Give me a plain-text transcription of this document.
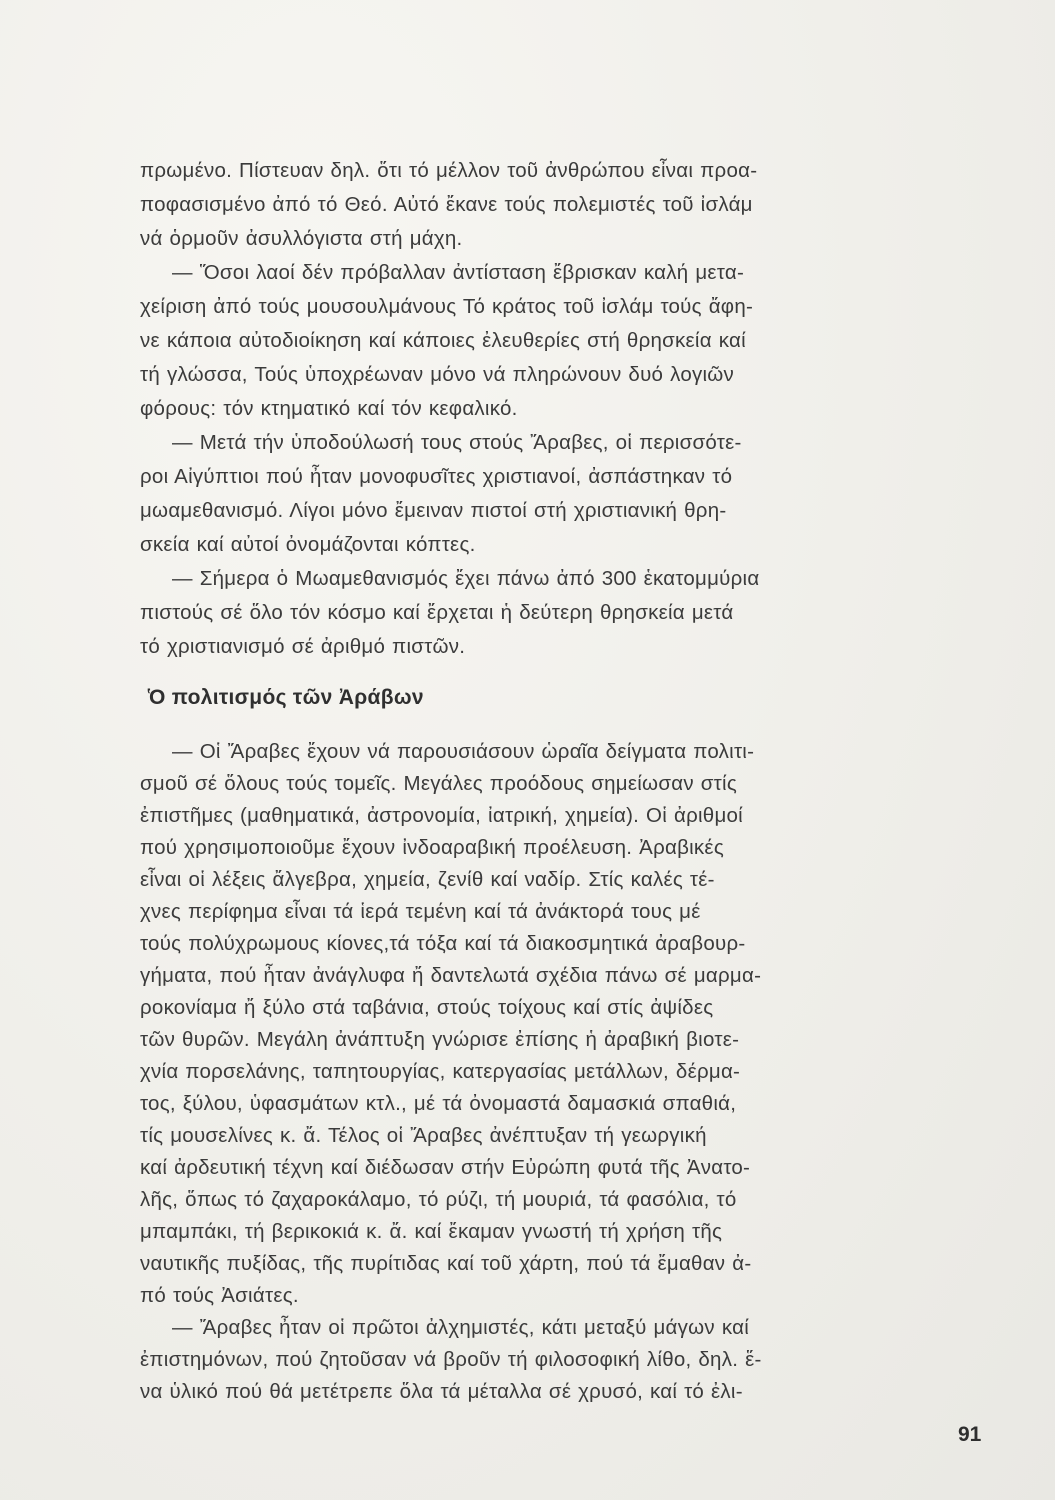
πρωμένο. Πίστευαν δηλ. ὅτι τό μέλλον τοῦ ἀνθρώπου εἶναι προα-
ποφασισμένο ἀπό τό Θεό. Αὐτό ἔκανε τούς πολεμιστές τοῦ ἰσλάμ
νά ὁρμοῦν ἀσυλλόγιστα στή μάχη.
— Ὅσοι λαοί δέν πρόβαλλαν ἀντίσταση ἔβρισκαν καλή μετα-
χείριση ἀπό τούς μουσουλμάνους Τό κράτος τοῦ ἰσλάμ τούς ἄφη-
νε κάποια αὐτοδιοίκηση καί κάποιες ἐλευθερίες στή θρησκεία καί
τή γλώσσα, Τούς ὑποχρέωναν μόνο νά πληρώνουν δυό λογιῶν
φόρους: τόν κτηματικό καί τόν κεφαλικό.
— Μετά τήν ὑποδούλωσή τους στούς Ἄραβες, οἱ περισσότε-
ροι Αἰγύπτιοι πού ἦταν μονοφυσῖτες χριστιανοί, ἀσπάστηκαν τό
μωαμεθανισμό. Λίγοι μόνο ἔμειναν πιστοί στή χριστιανική θρη-
σκεία καί αὐτοί ὀνομάζονται κόπτες.
— Σήμερα ὁ Μωαμεθανισμός ἔχει πάνω ἀπό 300 ἑκατομμύρια
πιστούς σέ ὅλο τόν κόσμο καί ἔρχεται ἡ δεύτερη θρησκεία μετά
τό χριστιανισμό σέ ἀριθμό πιστῶν.
Ὁ πολιτισμός τῶν Ἀράβων
— Οἱ Ἄραβες ἔχουν νά παρουσιάσουν ὡραῖα δείγματα πολιτι-
σμοῦ σέ ὅλους τούς τομεῖς. Μεγάλες προόδους σημείωσαν στίς
ἐπιστῆμες (μαθηματικά, ἀστρονομία, ἰατρική, χημεία). Οἱ ἀριθμοί
πού χρησιμοποιοῦμε ἔχουν ἰνδοαραβική προέλευση. Ἀραβικές
εἶναι οἱ λέξεις ἄλγεβρα, χημεία, ζενίθ καί ναδίρ. Στίς καλές τέ-
χνες περίφημα εἶναι τά ἱερά τεμένη καί τά ἀνάκτορά τους μέ
τούς πολύχρωμους κίονες,τά τόξα καί τά διακοσμητικά ἀραβουρ-
γήματα, πού ἦταν ἀνάγλυφα ἤ δαντελωτά σχέδια πάνω σέ μαρμα-
ροκονίαμα ἤ ξύλο στά ταβάνια, στούς τοίχους καί στίς ἀψίδες
τῶν θυρῶν. Μεγάλη ἀνάπτυξη γνώρισε ἐπίσης ἡ ἀραβική βιοτε-
χνία πορσελάνης, ταπητουργίας, κατεργασίας μετάλλων, δέρμα-
τος, ξύλου, ὑφασμάτων κτλ., μέ τά ὀνομαστά δαμασκιά σπαθιά,
τίς μουσελίνες κ. ἄ. Τέλος οἱ Ἄραβες ἀνέπτυξαν τή γεωργική
καί ἀρδευτική τέχνη καί διέδωσαν στήν Εὐρώπη φυτά τῆς Ἀνατο-
λῆς, ὅπως τό ζαχαροκάλαμο, τό ρύζι, τή μουριά, τά φασόλια, τό
μπαμπάκι, τή βερικοκιά κ. ἄ. καί ἔκαμαν γνωστή τή χρήση τῆς
ναυτικῆς πυξίδας, τῆς πυρίτιδας καί τοῦ χάρτη, πού τά ἔμαθαν ἀ-
πό τούς Ἀσιάτες.
— Ἄραβες ἦταν οἱ πρῶτοι ἀλχημιστές, κάτι μεταξύ μάγων καί
ἐπιστημόνων, πού ζητοῦσαν νά βροῦν τή φιλοσοφική λίθο, δηλ. ἕ-
να ὑλικό πού θά μετέτρεπε ὅλα τά μέταλλα σέ χρυσό, καί τό ἐλι-
91
